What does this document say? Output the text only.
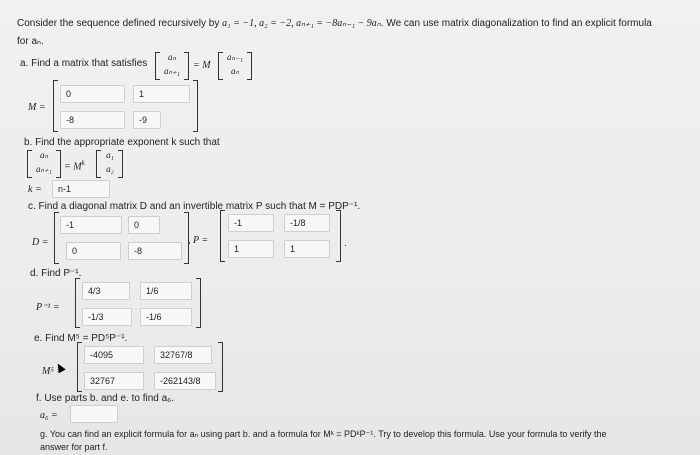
Consider the sequence defined recursively by a₁ = −1, a₂ = −2, aₙ₊₁ = −8aₙ₋₁ − 9aₙ. We can use matrix diagonalization to find an explicit formula
for aₙ.
a. Find a matrix that satisfies
aₙ
aₙ₊₁	= M
aₙ₋₁
aₙ
M =
0	1
-8	-9
b. Find the appropriate exponent k such that
aₙ
aₙ₊₁	= $M^k$
a₁
a₂
k =	n-1
c. Find a diagonal matrix D and an invertible matrix P such that M = PDP⁻¹.
D =
-1	0
0	-8
, P =
-1	-1/8
1	1	.
d. Find P⁻¹.
P⁻¹ =
4/3	1/6
-1/3	-1/6
e. Find M⁵ = PD⁵P⁻¹.
M⁵ =
-4095	32767/8
32767	-262143/8
f. Use parts b. and e. to find a₆.
a₆ =
g. You can find an explicit formula for aₙ using part b. and a formula for Mᵏ = PDᵏP⁻¹. Try to develop this formula. Use your formula to verify the
answer for part f.
